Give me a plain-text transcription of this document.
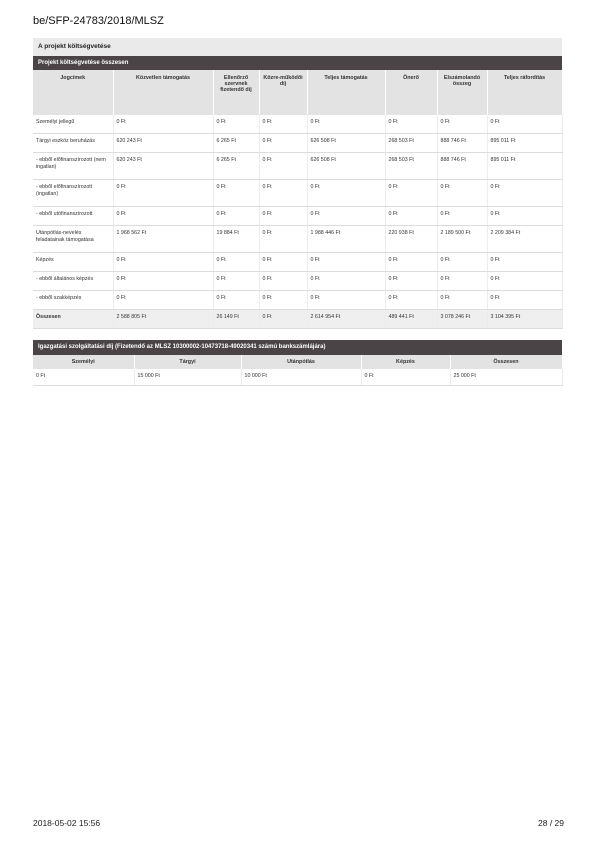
be/SFP-24783/2018/MLSZ
A projekt költségvetése
Projekt költségvetése összesen
Jogcímek	Közvetlen támogatás	Ellenőrző szervnek fizetendő díj	Közre-működői díj	Teljes támogatás	Önerő	Elszámolandó összeg	Teljes ráfordítás
Személyi jellegű	0 Ft	0 Ft	0 Ft	0 Ft	0 Ft	0 Ft	0 Ft
Tárgyi eszköz beruházás	620 243 Ft	6 265 Ft	0 Ft	626 508 Ft	268 503 Ft	888 746 Ft	895 011 Ft
- ebből előfinanszírozott (nem ingatlan)	620 243 Ft	6 265 Ft	0 Ft	626 508 Ft	268 503 Ft	888 746 Ft	895 011 Ft
- ebből előfinanszírozott (ingatlan)	0 Ft	0 Ft	0 Ft	0 Ft	0 Ft	0 Ft	0 Ft
- ebből utófinanszírozott	0 Ft	0 Ft	0 Ft	0 Ft	0 Ft	0 Ft	0 Ft
Utánpótlás-nevelés feladatainak támogatása	1 968 562 Ft	19 884 Ft	0 Ft	1 988 446 Ft	220 938 Ft	2 189 500 Ft	2 209 384 Ft
Képzés	0 Ft	0 Ft	0 Ft	0 Ft	0 Ft	0 Ft	0 Ft
- ebből általános képzés	0 Ft	0 Ft	0 Ft	0 Ft	0 Ft	0 Ft	0 Ft
- ebből szakképzés	0 Ft	0 Ft	0 Ft	0 Ft	0 Ft	0 Ft	0 Ft
Összesen	2 588 805 Ft	26 149 Ft	0 Ft	2 614 954 Ft	489 441 Ft	3 078 246 Ft	3 104 395 Ft
Igazgatási szolgáltatási díj (Fizetendő az MLSZ 10300002-10473718-49020341 számú bankszámlájára)
Személyi	Tárgyi	Utánpótlás	Képzés	Összesen
0 Ft	15 000 Ft	10 000 Ft	0 Ft	25 000 Ft
2018-05-02 15:56	28 / 29
